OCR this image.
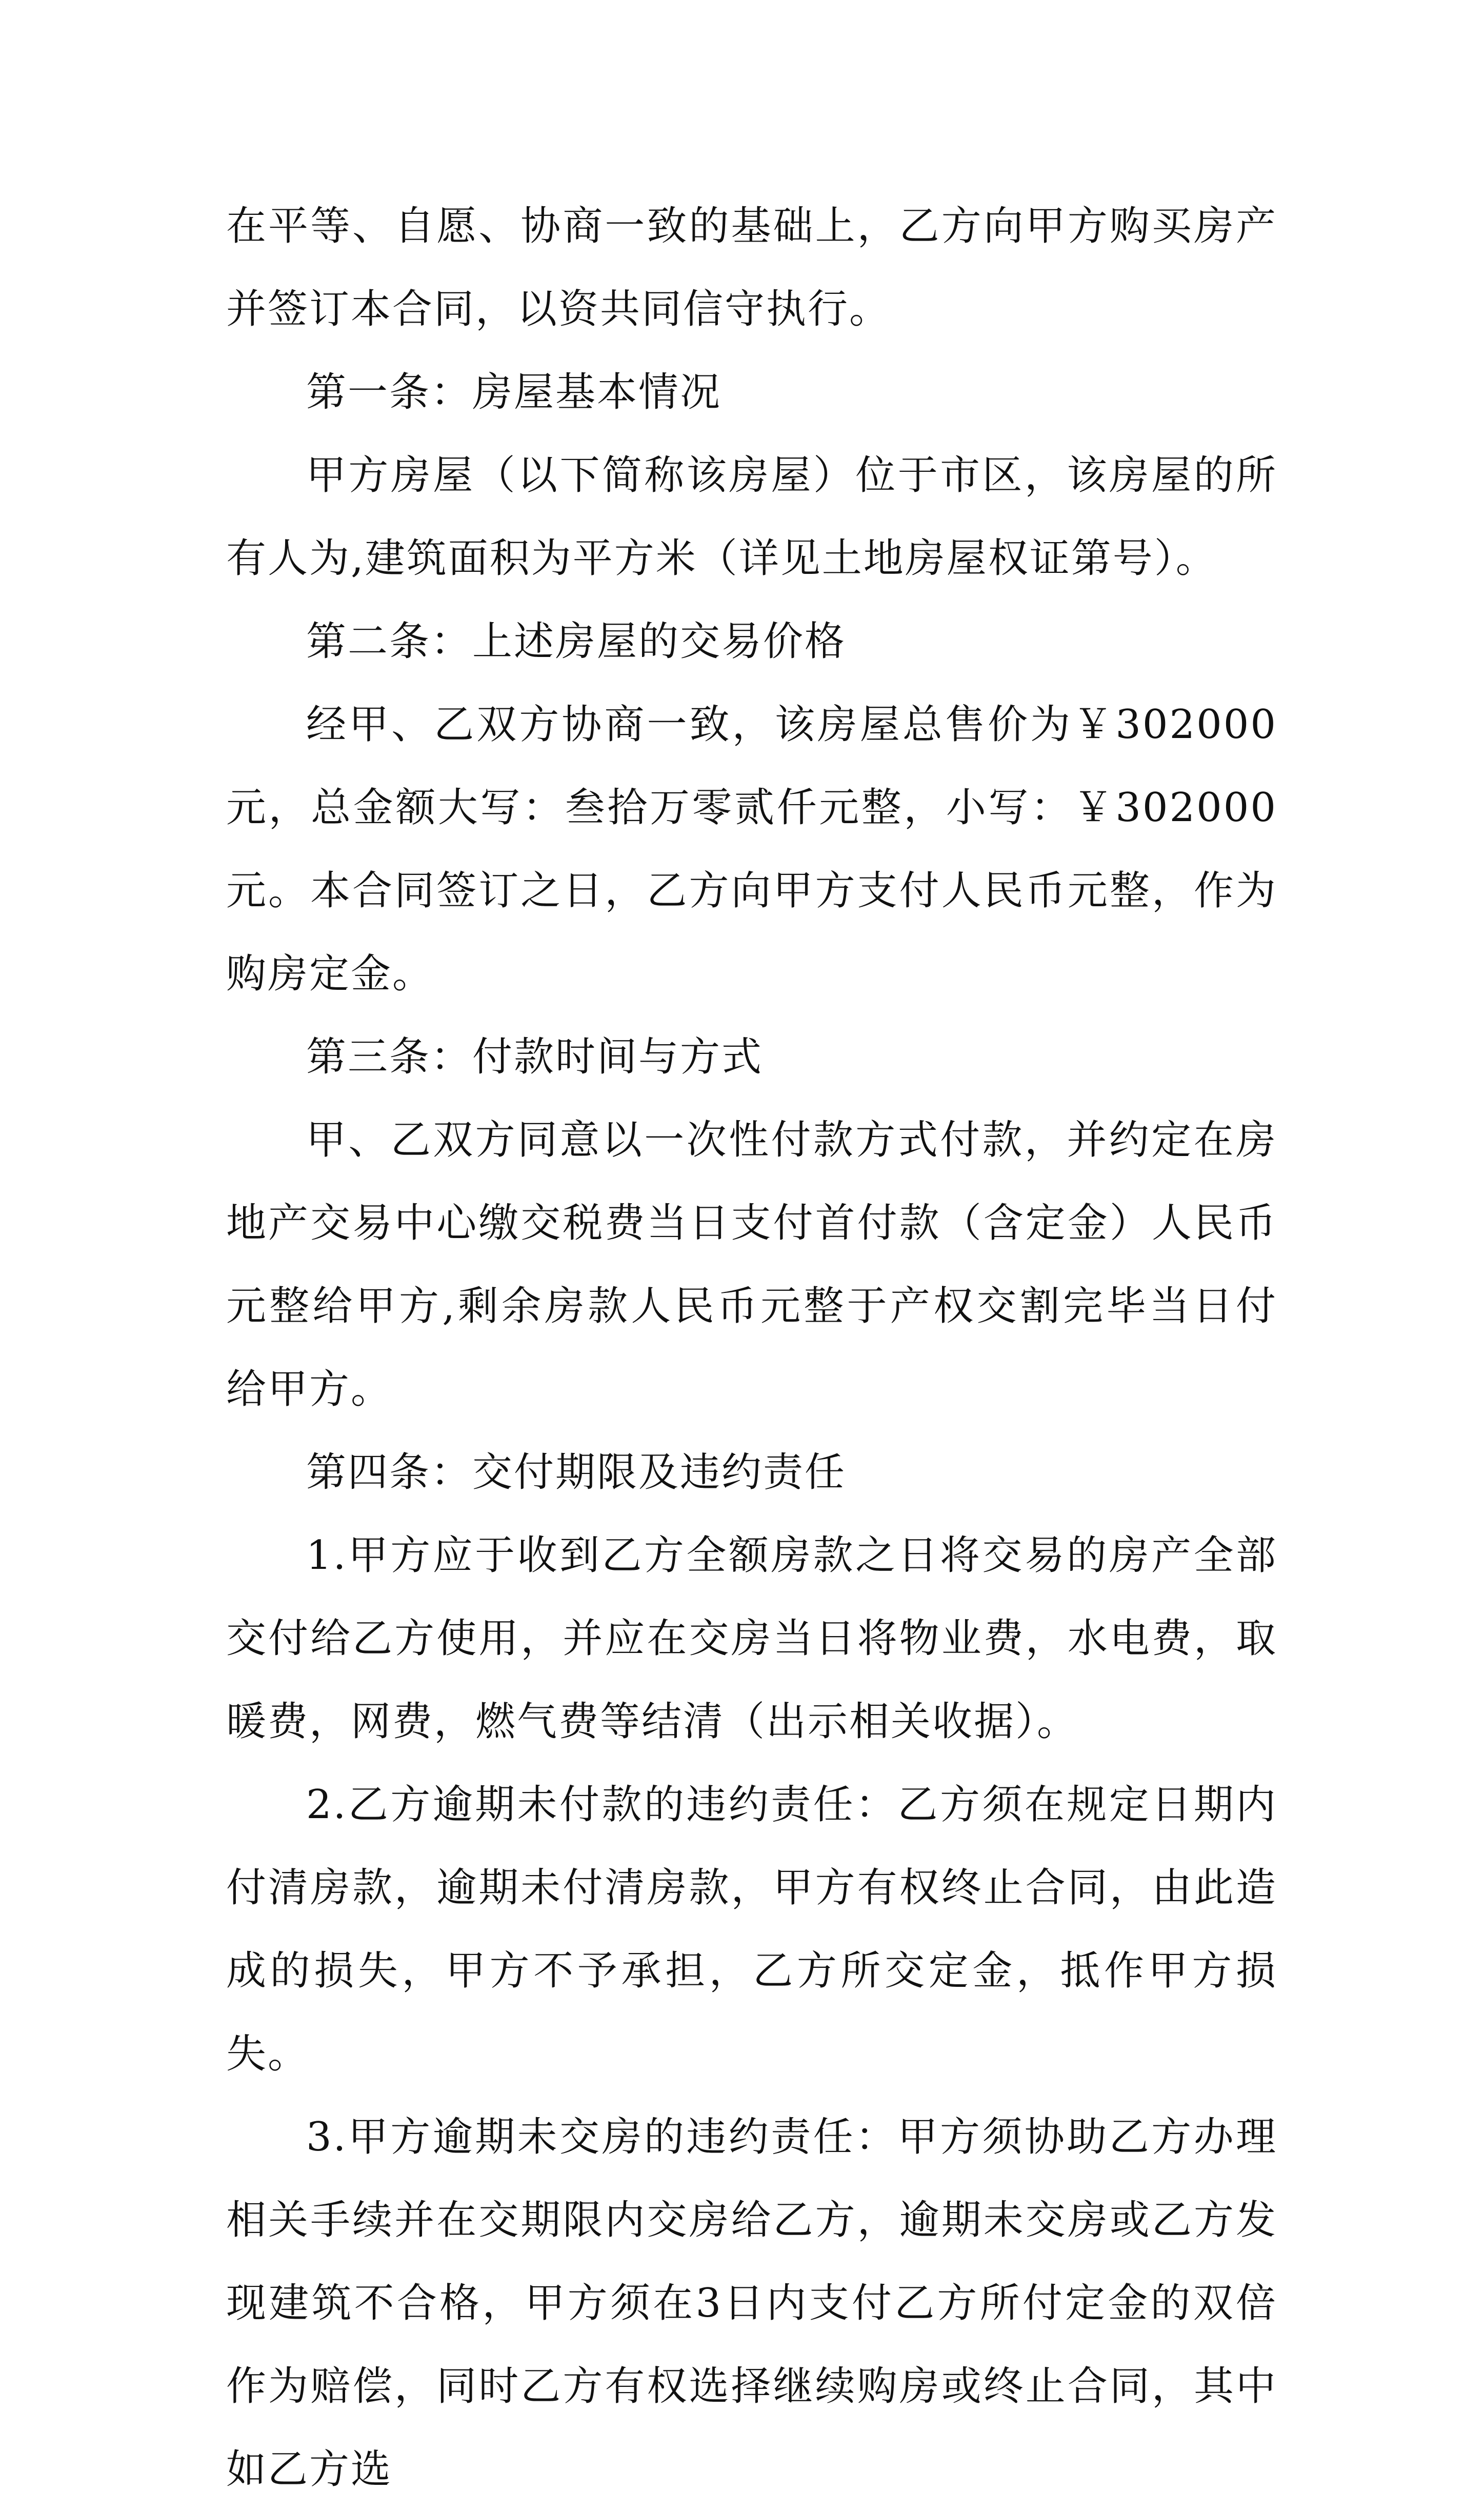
在平等、自愿、协商一致的基础上，乙方向甲方购买房产并签订本合同，以资共同信守执行。

第一条：房屋基本情况

甲方房屋（以下简称该房屋）位于市区，该房屋的所有人为,建筑面积为平方米（详见土地房屋权证第号）。

第二条：上述房屋的交易价格

经甲、乙双方协商一致，该房屋总售价为￥302000元，总金额大写：叁拾万零贰仟元整，小写：￥302000元。本合同签订之日，乙方向甲方支付人民币元整，作为购房定金。

第三条：付款时间与方式

甲、乙双方同意以一次性付款方式付款，并约定在房地产交易中心缴交税费当日支付首付款（含定金）人民币元整给甲方,剩余房款人民币元整于产权交割完毕当日付给甲方。

第四条：交付期限及违约责任

1.甲方应于收到乙方全额房款之日将交易的房产全部交付给乙方使用，并应在交房当日将物业费，水电费，取暖费，网费，燃气费等结清（出示相关收据）。

2.乙方逾期未付款的违约责任：乙方须在规定日期内付清房款，逾期未付清房款，甲方有权终止合同，由此造成的损失，甲方不予承担，乙方所交定金，抵作甲方损失。

3.甲方逾期未交房的违约责任：甲方须协助乙方办理相关手续并在交期限内交房给乙方，逾期未交房或乙方发现建筑不合格，甲方须在3日内支付乙方所付定金的双倍作为赔偿，同时乙方有权选择继续购房或终止合同，其中如乙方选
